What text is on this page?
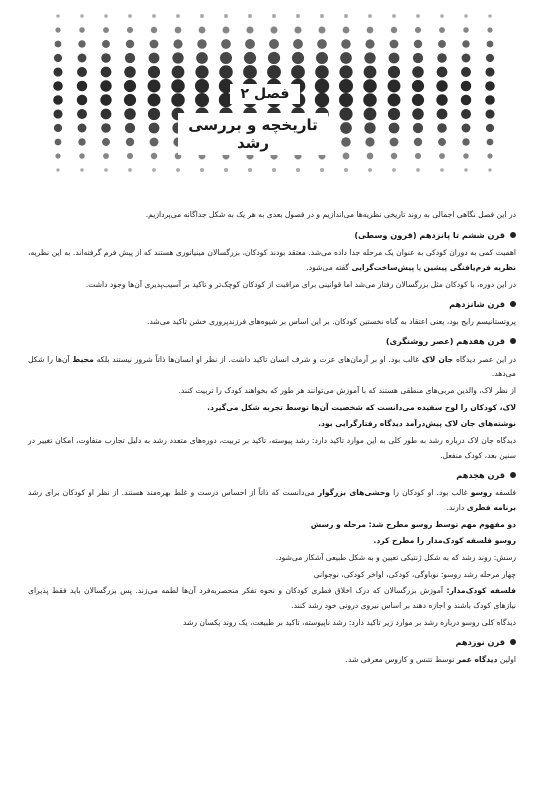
فصل ۲
تاریخچه و بررسی رشد

در این فصل نگاهی اجمالی به روند تاریخی نظریه‌ها می‌اندازیم و در فصول بعدی به هر یک به شکل جداگانه می‌پردازیم.

قرن ششم تا پانزدهم (قرون وسطی)

اهمیت کمی به دوران کودکی به عنوان یک مرحله جدا داده می‌شد. معتقد بودند کودکان، بزرگسالان مینیاتوری هستند که از پیش فرم گرفته‌اند. به این نظریه، نظریه فرم‌یافتگی پیشین یا پیش‌ساخت‌گرایی گفته می‌شود.

در این دوره، با کودکان مثل بزرگسالان رفتار می‌شد اما قوانینی برای مراقبت از کودکان کوچک‌تر و تاکید بر آسیب‌پذیری آن‌ها وجود داشت.

قرن شانزدهم

پروتستانیسم رایج بود، یعنی اعتقاد به گناه نخستین کودکان. بر این اساس بر شیوه‌های فرزندپروری خشن تاکید می‌شد.

قرن هفدهم (عصر روشنگری)

در این عصر دیدگاه جان لاک غالب بود. او بر آرمان‌های عزت و شرف انسان تاکید داشت. از نظر او انسان‌ها ذاتاً شرور نیستند بلکه محیط آن‌ها را شکل می‌دهد.

از نظر لاک، والدین مربی‌های منطقی هستند که با آموزش می‌توانند هر طور که بخواهند کودک را تربیت کنند.

لاک، کودکان را لوح سفیده می‌دانست که شخصیت آن‌ها توسط تجربه شکل می‌گیرد.

نوشته‌های جان لاک پیش‌درآمد دیدگاه رفتارگرایی بود.

دیدگاه جان لاک درباره رشد به طور کلی به این موارد تاکید دارد: رشد پیوسته، تاکید بر تربیت، دوره‌های متعدد رشد به دلیل تجارب متفاوت، امکان تغییر در سنین بعد، کودک منفعل.

قرن هجدهم

فلسفه روسو غالب بود. او کودکان را وحشی‌های بزرگوار می‌دانست که ذاتاً از احساس درست و غلط بهره‌مند هستند. از نظر او کودکان برای رشد برنامه فطری دارند.

دو مفهوم مهم توسط روسو مطرح شد: مرحله و رسش

روسو فلسفه کودک‌مدار را مطرح کرد.

رسش: روند رشد که به شکل ژنتیکی تعیین و به شکل طبیعی آشکار می‌شود.

چهار مرحله رشد روسو: نوباوگی، کودکی، اواخر کودکی، نوجوانی

فلسفه کودک‌مدار: آموزش بزرگسالان که درک اخلاق فطری کودکان و نحوه تفکر منحصربه‌فرد آن‌ها لطمه می‌زند. پس بزرگسالان باید فقط پذیرای نیازهای کودک باشند و اجازه دهند بر اساس نیروی درونی خود رشد کنند.

دیدگاه کلی روسو درباره رشد بر موارد زیر تاکید دارد: رشد ناپیوسته، تاکید بر طبیعت، یک روند یکسان رشد

قرن نوزدهم

اولین دیدگاه عمر توسط تتنس و کاروس معرفی شد.
